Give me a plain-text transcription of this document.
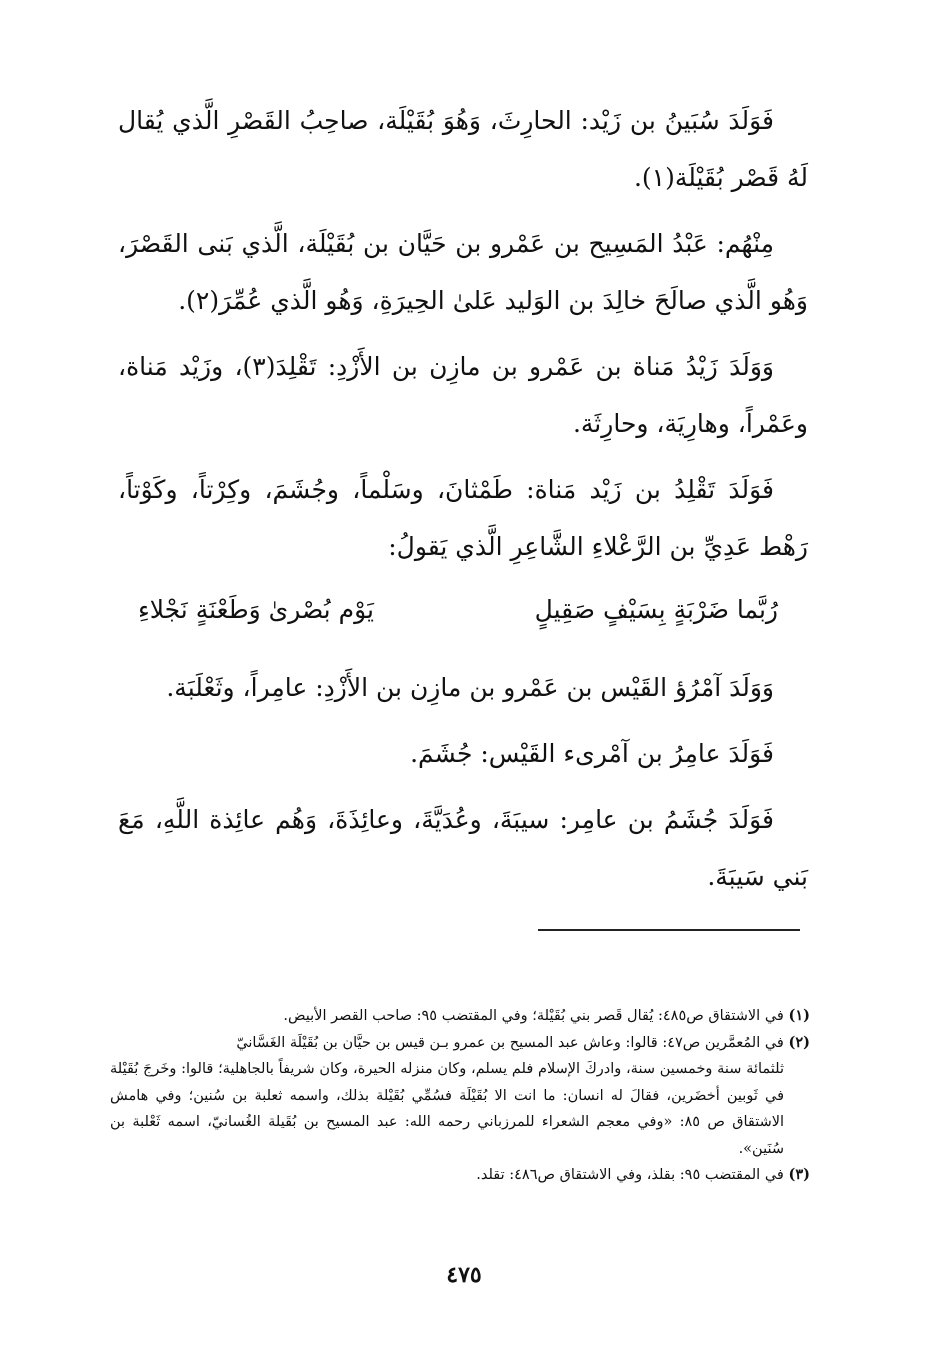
فَوَلَدَ سُبَينُ بن زَيْد: الحارِثَ، وَهُوَ بُقَيْلَة، صاحِبُ القَصْرِ الَّذي يُقال لَهُ قَصْر بُقَيْلَة(١).

مِنْهُم: عَبْدُ المَسِيح بن عَمْرو بن حَيَّان بن بُقَيْلَة، الَّذي بَنى القَصْرَ، وَهُو الَّذي صالَحَ خالِدَ بن الوَليد عَلىٰ الحِيرَةِ، وَهُو الَّذي عُمِّرَ(٢).

وَوَلَدَ زَيْدُ مَناة بن عَمْرو بن مازِن بن الأَزْدِ: تَقْلِدَ(٣)، وزَيْد مَناة، وعَمْراً، وهارِيَة، وحارِثَة.

فَوَلَدَ تَقْلِدُ بن زَيْد مَناة: طَمْثانَ، وسَلْماً، وجُشَمَ، وكِرْتاً، وكَوْتاً، رَهْط عَدِيِّ بن الرَّعْلاءِ الشَّاعِرِ الَّذي يَقولُ:

رُبَّما ضَرْبَةٍ بِسَيْفٍ صَقِيلٍ
يَوْم بُصْرىٰ وَطَعْنَةٍ نَجْلاءِ

وَوَلَدَ آمْرُؤ القَيْس بن عَمْرو بن مازِن بن الأَزْدِ: عامِراً، وثَعْلَبَة.

فَوَلَدَ عامِرُ بن آمْرىء القَيْس: جُشَمَ.

فَوَلَدَ جُشَمُ بن عامِر: سيبَةَ، وعُدَيَّةَ، وعائِذَةَ، وَهُم عائِذة اللَّهِ، مَعَ بَني سَيبَةَ.

(١) في الاشتقاق ص٤٨٥: يُقال قَصر بني بُقَيْلة؛ وفي المقتضب ٩٥: صاحب القصر الأبيض.

(٢) في المُعمَّرين ص٤٧: قالوا: وعاش عبد المسيح بن عمرو بـن قيس بن حيَّان بن بُقَيْلَة الغَسَّانيّ

ثلثمائة سنة وخمسين سنة، وادركَ الإسلام فلم يسلم، وكان منزله الحيرة، وكان شريفاً بالجاهلية؛ قالوا: وخَرجَ بُقَيْلة في ثَوبين أخضَرين، فقالَ له انسان: ما انت الا بُقَيْلَة فسُمِّي بُقَيْلة بذلك، واسمه ثعلبة بن سُنين؛ وفي هامش الاشتقاق ص ٨٥: «وفي معجم الشعراء للمرزباني رحمه الله: عبد المسيح بن بُقَيلة الغُسانيّ، اسمه ثَعْلبة بن سُنَين».

(٣) في المقتضب ٩٥: بقلذ، وفي الاشتقاق ص٤٨٦: تقلد.

٤٧٥
